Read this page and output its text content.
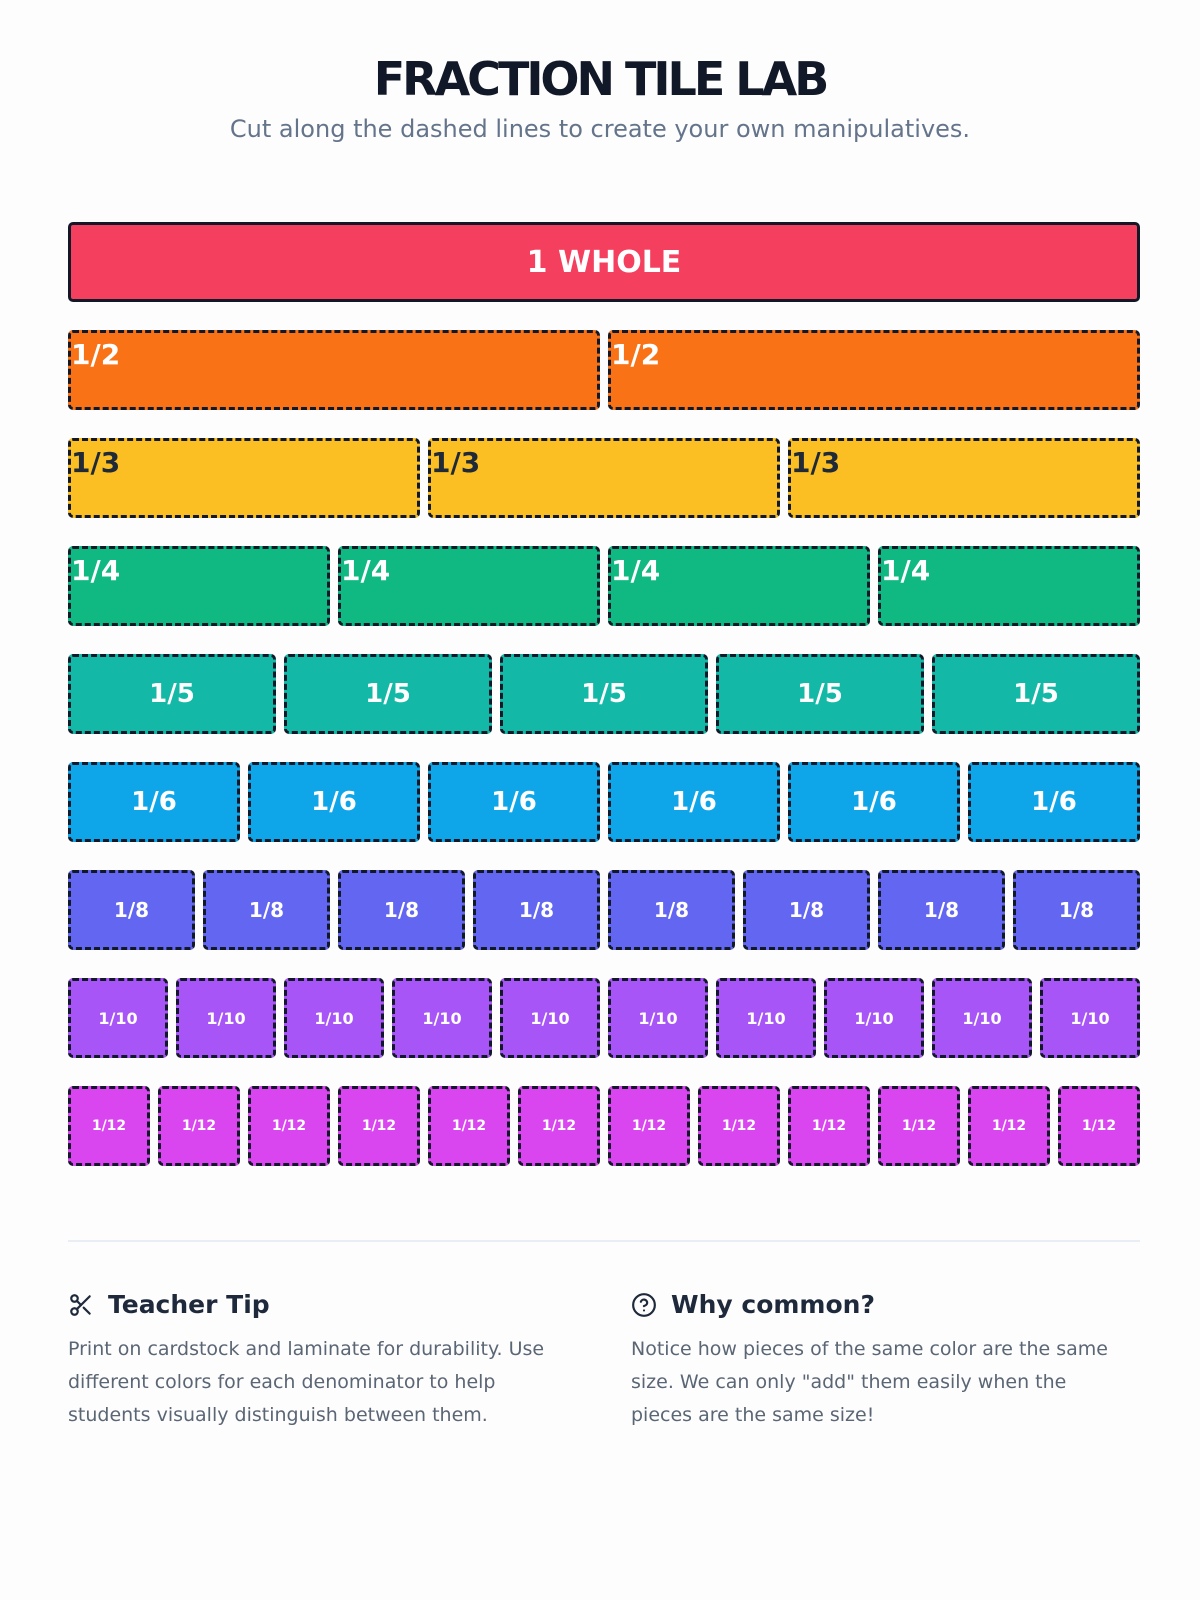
FRACTION TILE LAB

Cut along the dashed lines to create your own manipulatives.

1 WHOLE
1/2	1/2
1/3	1/3	1/3
1/4	1/4	1/4	1/4
1/5	1/5	1/5	1/5	1/5
1/6	1/6	1/6	1/6	1/6	1/6
1/8	1/8	1/8	1/8	1/8	1/8	1/8	1/8
1/10	1/10	1/10	1/10	1/10	1/10	1/10	1/10	1/10	1/10
1/12	1/12	1/12	1/12	1/12	1/12	1/12	1/12	1/12	1/12	1/12	1/12
Teacher Tip

Print on cardstock and laminate for durability. Use different colors for each denominator to help students visually distinguish between them.

Why common?

Notice how pieces of the same color are the same size. We can only "add" them easily when the pieces are the same size!
